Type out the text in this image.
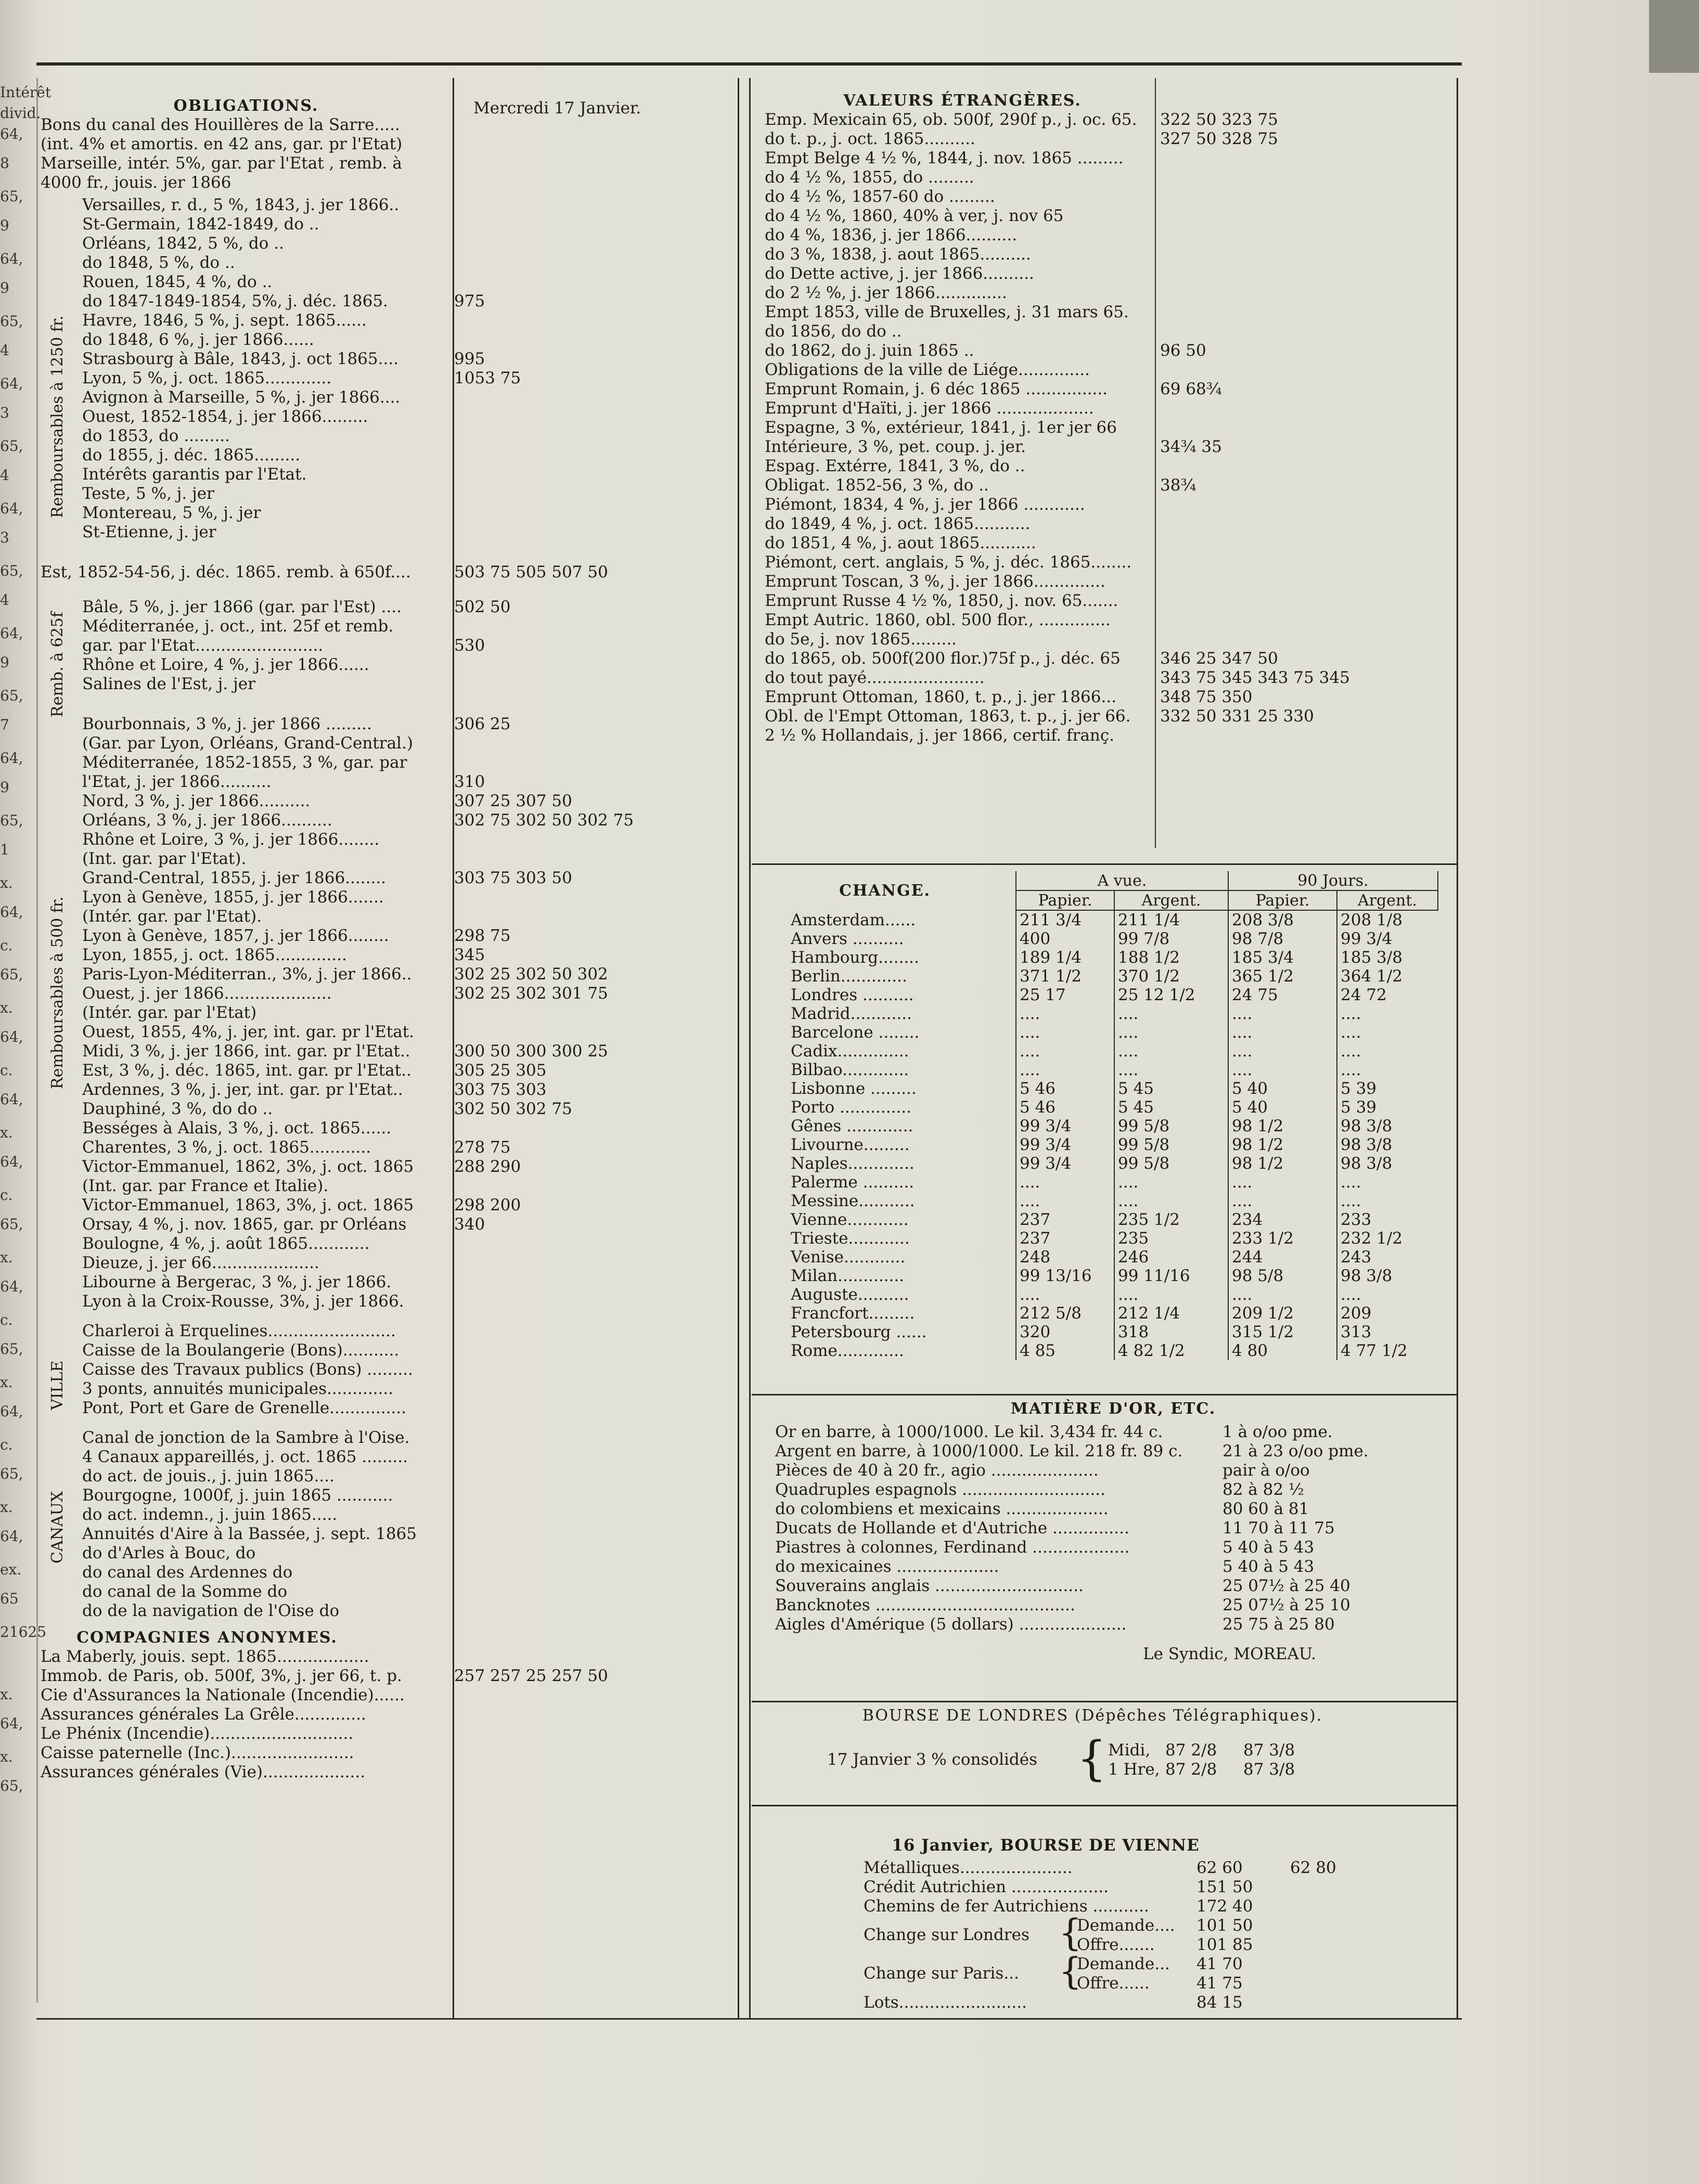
Intérêt
divid.
64, 8
65, 9
64, 9
65, 4
64, 3
65, 4
64, 3
65, 4
64, 9
65, 7
64, 9
65, 1
x. 64,
c. 65,
x. 64,
c. 64,
x. 64,
c. 65,
x. 64,
c. 65,
x. 64,
c. 65,
x. 64,
ex. 65
21625
x. 64,
x. 65,
OBLIGATIONS.
Bons du canal des Houillères de la Sarre.....
(int. 4% et amortis. en 42 ans, gar. pr l'Etat)
Marseille, intér. 5%, gar. par l'Etat , remb. à
4000 fr., jouis. jer 1866
Remboursables à 1250 fr.
Versailles, r. d., 5 %, 1843, j. jer 1866..
St-Germain, 1842-1849, do ..
Orléans, 1842, 5 %, do ..
do 1848, 5 %, do ..
Rouen, 1845, 4 %, do ..
do 1847-1849-1854, 5%, j. déc. 1865.	975
Havre, 1846, 5 %, j. sept. 1865......
do 1848, 6 %, j. jer 1866......
Strasbourg à Bâle, 1843, j. oct 1865....	995
Lyon, 5 %, j. oct. 1865.............	1053 75
Avignon à Marseille, 5 %, j. jer 1866....
Ouest, 1852-1854, j. jer 1866.........
do 1853, do .........
do 1855, j. déc. 1865.........
Intérêts garantis par l'Etat.
Teste, 5 %, j. jer
Montereau, 5 %, j. jer
St-Etienne, j. jer
Est, 1852-54-56, j. déc. 1865. remb. à 650f....	503 75 505 507 50
Remb. à 625f
Bâle, 5 %, j. jer 1866 (gar. par l'Est) ....	502 50
Méditerranée, j. oct., int. 25f et remb.
gar. par l'Etat.........................	530
Rhône et Loire, 4 %, j. jer 1866......
Salines de l'Est, j. jer
Remboursables à 500 fr.
Bourbonnais, 3 %, j. jer 1866 .........	306 25
(Gar. par Lyon, Orléans, Grand-Central.)
Méditerranée, 1852-1855, 3 %, gar. par
l'Etat, j. jer 1866..........	310
Nord, 3 %, j. jer 1866..........	307 25 307 50
Orléans, 3 %, j. jer 1866..........	302 75 302 50 302 75
Rhône et Loire, 3 %, j. jer 1866........
(Int. gar. par l'Etat).
Grand-Central, 1855, j. jer 1866........	303 75 303 50
Lyon à Genève, 1855, j. jer 1866.......
(Intér. gar. par l'Etat).
Lyon à Genève, 1857, j. jer 1866........	298 75
Lyon, 1855, j. oct. 1865..............	345
Paris-Lyon-Méditerran., 3%, j. jer 1866..	302 25 302 50 302
Ouest, j. jer 1866.....................	302 25 302 301 75
(Intér. gar. par l'Etat)
Ouest, 1855, 4%, j. jer, int. gar. pr l'Etat.
Midi, 3 %, j. jer 1866, int. gar. pr l'Etat..	300 50 300 300 25
Est, 3 %, j. déc. 1865, int. gar. pr l'Etat..	305 25 305
Ardennes, 3 %, j. jer, int. gar. pr l'Etat..	303 75 303
Dauphiné, 3 %, do do ..	302 50 302 75
Bességes à Alais, 3 %, j. oct. 1865......
Charentes, 3 %, j. oct. 1865............	278 75
Victor-Emmanuel, 1862, 3%, j. oct. 1865	288 290
(Int. gar. par France et Italie).
Victor-Emmanuel, 1863, 3%, j. oct. 1865	298 200
Orsay, 4 %, j. nov. 1865, gar. pr Orléans	340
Boulogne, 4 %, j. août 1865............
Dieuze, j. jer 66.....................
Libourne à Bergerac, 3 %, j. jer 1866.
Lyon à la Croix-Rousse, 3%, j. jer 1866.
VILLE
Charleroi à Erquelines.........................
Caisse de la Boulangerie (Bons)...........
Caisse des Travaux publics (Bons) .........
3 ponts, annuités municipales.............
Pont, Port et Gare de Grenelle...............
CANAUX
Canal de jonction de la Sambre à l'Oise.
4 Canaux appareillés, j. oct. 1865 .........
do act. de jouis., j. juin 1865....
Bourgogne, 1000f, j. juin 1865 ...........
do act. indemn., j. juin 1865.....
Annuités d'Aire à la Bassée, j. sept. 1865
do d'Arles à Bouc, do
do canal des Ardennes do
do canal de la Somme do
do de la navigation de l'Oise do
COMPAGNIES ANONYMES.
La Maberly, jouis. sept. 1865..................
Immob. de Paris, ob. 500f, 3%, j. jer 66, t. p.	257 257 25 257 50
Cie d'Assurances la Nationale (Incendie)......
Assurances générales La Grêle..............
Le Phénix (Incendie)............................
Caisse paternelle (Inc.)........................
Assurances générales (Vie)....................
Mercredi 17 Janvier.	VALEURS ÉTRANGÈRES.
Emp. Mexicain 65, ob. 500f, 290f p., j. oc. 65. 322 50 323 75
do t. p., j. oct. 1865..........	327 50 328 75
Empt Belge 4 ½ %, 1844, j. nov. 1865 .........
do 4 ½ %, 1855, do .........
do 4 ½ %, 1857-60 do .........
do 4 ½ %, 1860, 40% à ver, j. nov 65
do 4 %, 1836, j. jer 1866..........
do 3 %, 1838, j. aout 1865..........
do Dette active, j. jer 1866..........
do 2 ½ %, j. jer 1866..............
Empt 1853, ville de Bruxelles, j. 31 mars 65.
do 1856, do do ..
do 1862, do j. juin 1865 ..	96 50
Obligations de la ville de Liége..............
Emprunt Romain, j. 6 déc 1865 ................	69 68¾
Emprunt d'Haïti, j. jer 1866 ...................
Espagne, 3 %, extérieur, 1841, j. 1er jer 66
Intérieure, 3 %, pet. coup. j. jer.	34¾ 35
Espag. Extérre, 1841, 3 %, do ..
Obligat. 1852-56, 3 %, do ..	38¾
Piémont, 1834, 4 %, j. jer 1866 ............
do 1849, 4 %, j. oct. 1865...........
do 1851, 4 %, j. aout 1865...........
Piémont, cert. anglais, 5 %, j. déc. 1865........
Emprunt Toscan, 3 %, j. jer 1866..............
Emprunt Russe 4 ½ %, 1850, j. nov. 65.......
Empt Autric. 1860, obl. 500 flor., ..............
do 5e, j. nov 1865.........
do 1865, ob. 500f(200 flor.)75f p., j. déc. 65 346 25 347 50
do tout payé.......................	343 75 345 343 75 345
Emprunt Ottoman, 1860, t. p., j. jer 1866...	348 75 350
Obl. de l'Empt Ottoman, 1863, t. p., j. jer 66. 332 50 331 25 330
2 ½ % Hollandais, j. jer 1866, certif. franç.
CHANGE.	A vue.		90 Jours.	
	Papier.	Argent.	Papier.	Argent.
Amsterdam......	211 3/4	211 1/4	208 3/8	208 1/8
Anvers ..........	400	99 7/8	98 7/8	99 3/4
Hambourg........	189 1/4	188 1/2	185 3/4	185 3/8
Berlin.............	371 1/2	370 1/2	365 1/2	364 1/2
Londres ..........	25 17	25 12 1/2	24 75	24 72
Madrid............	....	....	....	....
Barcelone ........	....	....	....	....
Cadix..............	....	....	....	....
Bilbao.............	....	....	....	....
Lisbonne .........	5 46	5 45	5 40	5 39
Porto ..............	5 46	5 45	5 40	5 39
Gênes .............	99 3/4	99 5/8	98 1/2	98 3/8
Livourne.........	99 3/4	99 5/8	98 1/2	98 3/8
Naples.............	99 3/4	99 5/8	98 1/2	98 3/8
Palerme ..........	....	....	....	....
Messine...........	....	....	....	....
Vienne............	237	235 1/2	234	233
Trieste............	237	235	233 1/2	232 1/2
Venise............	248	246	244	243
Milan.............	99 13/16	99 11/16	98 5/8	98 3/8
Auguste..........	....	....	....	....
Francfort.........	212 5/8	212 1/4	209 1/2	209
Petersbourg ......	320	318	315 1/2	313
Rome.............	4 85	4 82 1/2	4 80	4 77 1/2
MATIÈRE D'OR, ETC.
Or en barre, à 1000/1000. Le kil. 3,434 fr. 44 c.	1 à o/oo pme.
Argent en barre, à 1000/1000. Le kil. 218 fr. 89 c. 21 à 23 o/oo pme.
Pièces de 40 à 20 fr., agio .....................	pair à o/oo
Quadruples espagnols ............................	82 à 82 ½
do colombiens et mexicains ....................	80 60 à 81
Ducats de Hollande et d'Autriche ...............	11 70 à 11 75
Piastres à colonnes, Ferdinand ...................	5 40 à 5 43
do mexicaines ....................	5 40 à 5 43
Souverains anglais .............................	25 07½ à 25 40
Bancknotes .......................................	25 07½ à 25 10
Aigles d'Amérique (5 dollars) .....................	25 75 à 25 80
Le Syndic, MOREAU.
BOURSE DE LONDRES (Dépêches Télégraphiques).
17 Janvier 3 % consolidés { Midi, 87 2/8 87 3/8
1 Hre, 87 2/8 87 3/8
16 Janvier, BOURSE DE VIENNE
Métalliques......................	62 60	62 80
Crédit Autrichien ...................	151 50
Chemins de fer Autrichiens ...........	172 40
Change sur Londres {
Demande.... 101 50
Offre.......	101 85
Change sur Paris... {
Demande... 41 70
Offre......	41 75
Lots.........................	84 15
